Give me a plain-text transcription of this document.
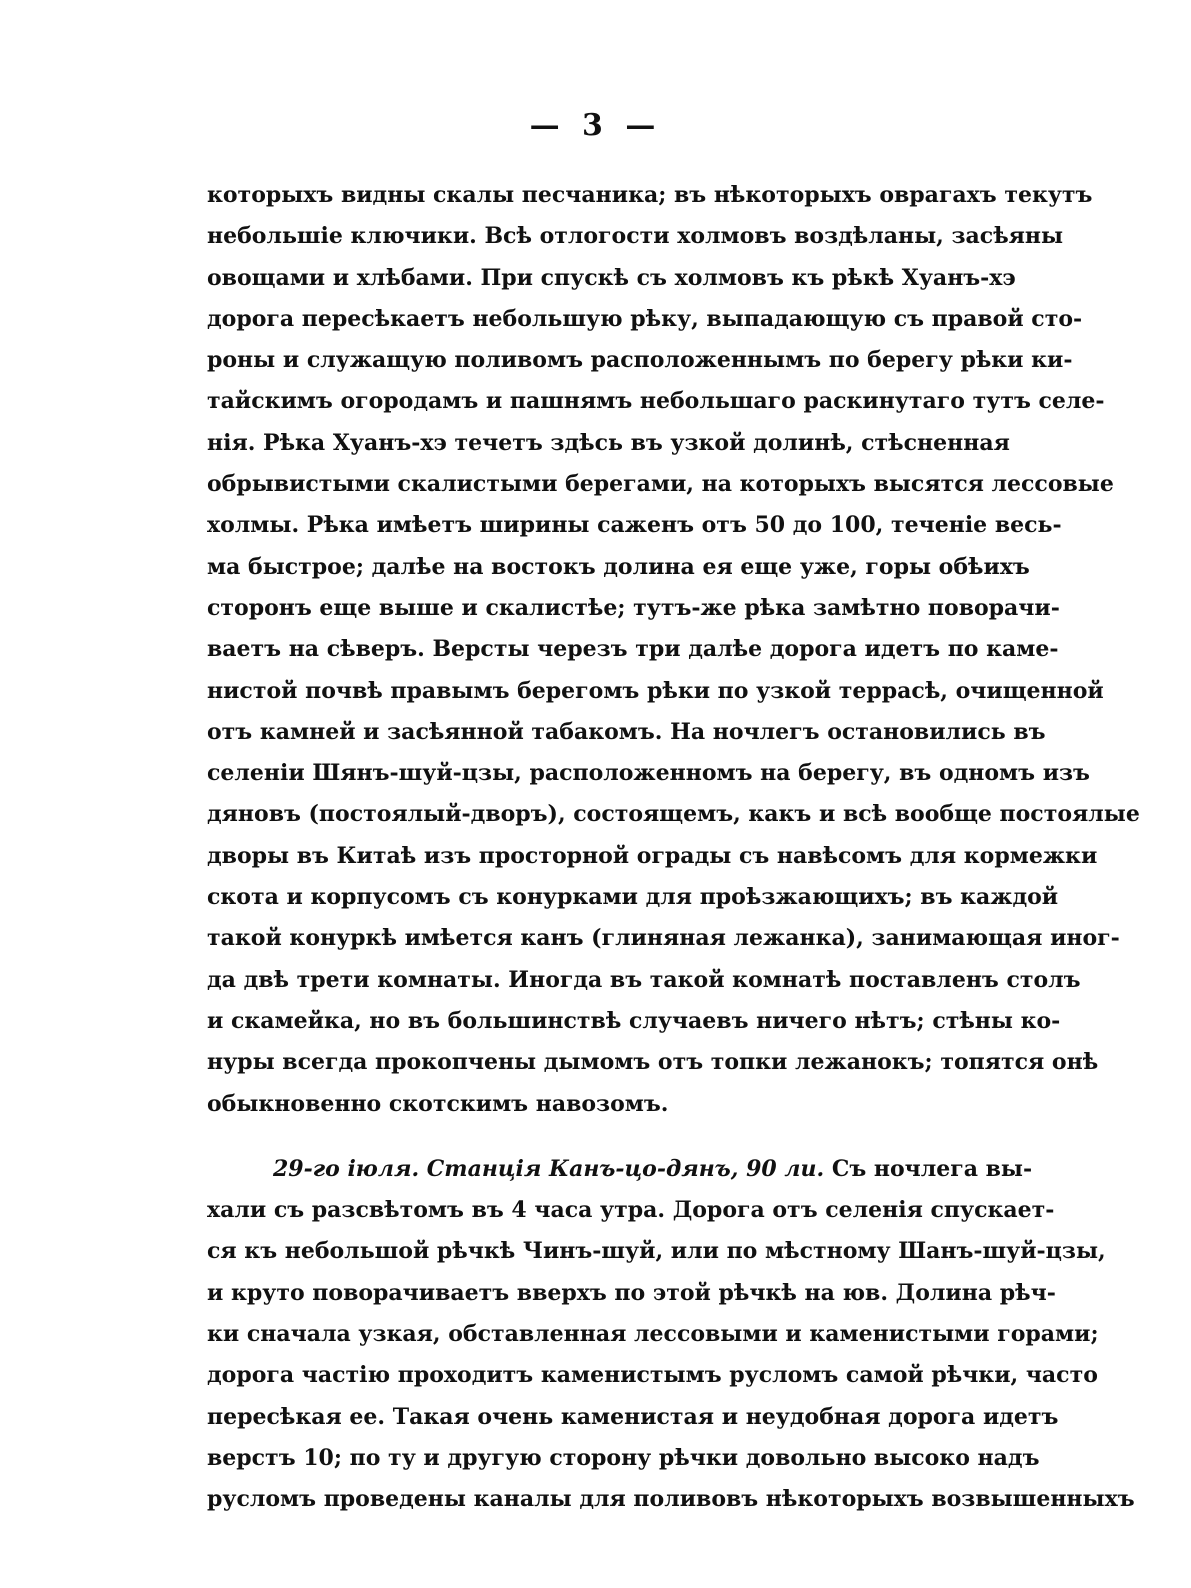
— 3 —
которыхъ видны скалы песчаника; въ нѣкоторыхъ оврагахъ текутъ
небольшіе ключики. Всѣ отлогости холмовъ воздѣланы, засѣяны
овощами и хлѣбами. При спускѣ съ холмовъ къ рѣкѣ Хуанъ-хэ
дорога пересѣкаетъ небольшую рѣку, выпадающую съ правой сто-
роны и служащую поливомъ расположеннымъ по берегу рѣки ки-
тайскимъ огородамъ и пашнямъ небольшаго раскинутаго тутъ селе-
нія. Рѣка Хуанъ-хэ течетъ здѣсь въ узкой долинѣ, стѣсненная
обрывистыми скалистыми берегами, на которыхъ высятся лессовые
холмы. Рѣка имѣетъ ширины саженъ отъ 50 до 100, теченіе весь-
ма быстрое; далѣе на востокъ долина ея еще уже, горы обѣихъ
сторонъ еще выше и скалистѣе; тутъ-же рѣка замѣтно поворачи-
ваетъ на сѣверъ. Версты черезъ три далѣе дорога идетъ по каме-
нистой почвѣ правымъ берегомъ рѣки по узкой террасѣ, очищенной
отъ камней и засѣянной табакомъ. На ночлегъ остановились въ
селеніи Шянъ-шуй-цзы, расположенномъ на берегу, въ одномъ изъ
дяновъ (постоялый-дворъ), состоящемъ, какъ и всѣ вообще постоялые
дворы въ Китаѣ изъ просторной ограды съ навѣсомъ для кормежки
скота и корпусомъ съ конурками для проѣзжающихъ; въ каждой
такой конуркѣ имѣется канъ (глиняная лежанка), занимающая иног-
да двѣ трети комнаты. Иногда въ такой комнатѣ поставленъ столъ
и скамейка, но въ большинствѣ случаевъ ничего нѣтъ; стѣны ко-
нуры всегда прокопчены дымомъ отъ топки лежанокъ; топятся онѣ
обыкновенно скотскимъ навозомъ.
29-го іюля. Станція Канъ-цо-дянъ, 90 ли. Съ ночлега вы-
хали съ разсвѣтомъ въ 4 часа утра. Дорога отъ селенія спускает-
ся къ небольшой рѣчкѣ Чинъ-шуй, или по мѣстному Шанъ-шуй-цзы,
и круто поворачиваетъ вверхъ по этой рѣчкѣ на юв. Долина рѣч-
ки сначала узкая, обставленная лессовыми и каменистыми горами;
дорога частію проходитъ каменистымъ русломъ самой рѣчки, часто
пересѣкая ее. Такая очень каменистая и неудобная дорога идетъ
верстъ 10; по ту и другую сторону рѣчки довольно высоко надъ
русломъ проведены каналы для поливовъ нѣкоторыхъ возвышенныхъ
